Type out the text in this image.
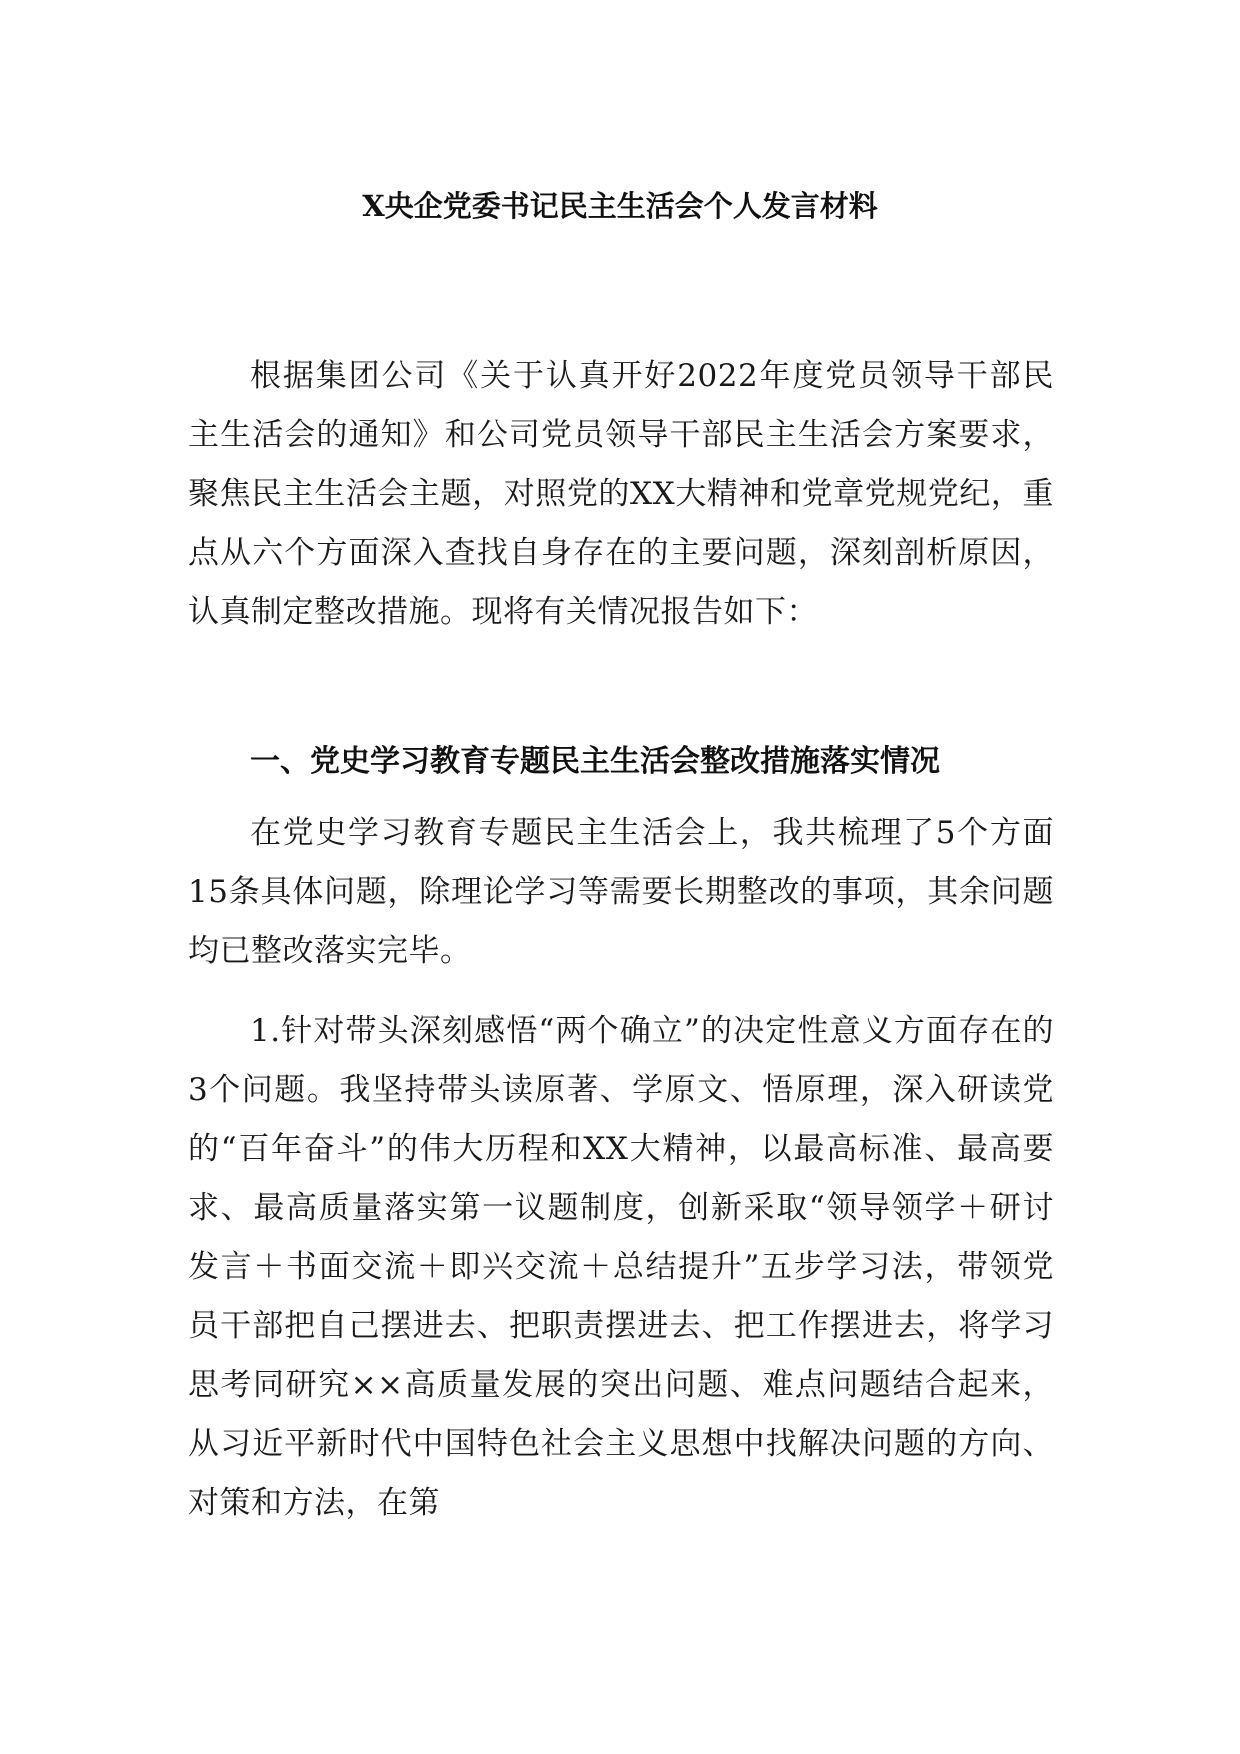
X央企党委书记民主生活会个人发言材料

根据集团公司《关于认真开好2022年度党员领导干部民主生活会的通知》和公司党员领导干部民主生活会方案要求，聚焦民主生活会主题，对照党的XX大精神和党章党规党纪，重点从六个方面深入查找自身存在的主要问题，深刻剖析原因，认真制定整改措施。现将有关情况报告如下：

一、党史学习教育专题民主生活会整改措施落实情况

在党史学习教育专题民主生活会上，我共梳理了5个方面15条具体问题，除理论学习等需要长期整改的事项，其余问题均已整改落实完毕。

1.针对带头深刻感悟“两个确立”的决定性意义方面存在的3个问题。我坚持带头读原著、学原文、悟原理，深入研读党的“百年奋斗”的伟大历程和XX大精神，以最高标准、最高要求、最高质量落实第一议题制度，创新采取“领导领学＋研讨发言＋书面交流＋即兴交流＋总结提升”五步学习法，带领党员干部把自己摆进去、把职责摆进去、把工作摆进去，将学习思考同研究××高质量发展的突出问题、难点问题结合起来，从习近平新时代中国特色社会主义思想中找解决问题的方向、对策和方法，在第
